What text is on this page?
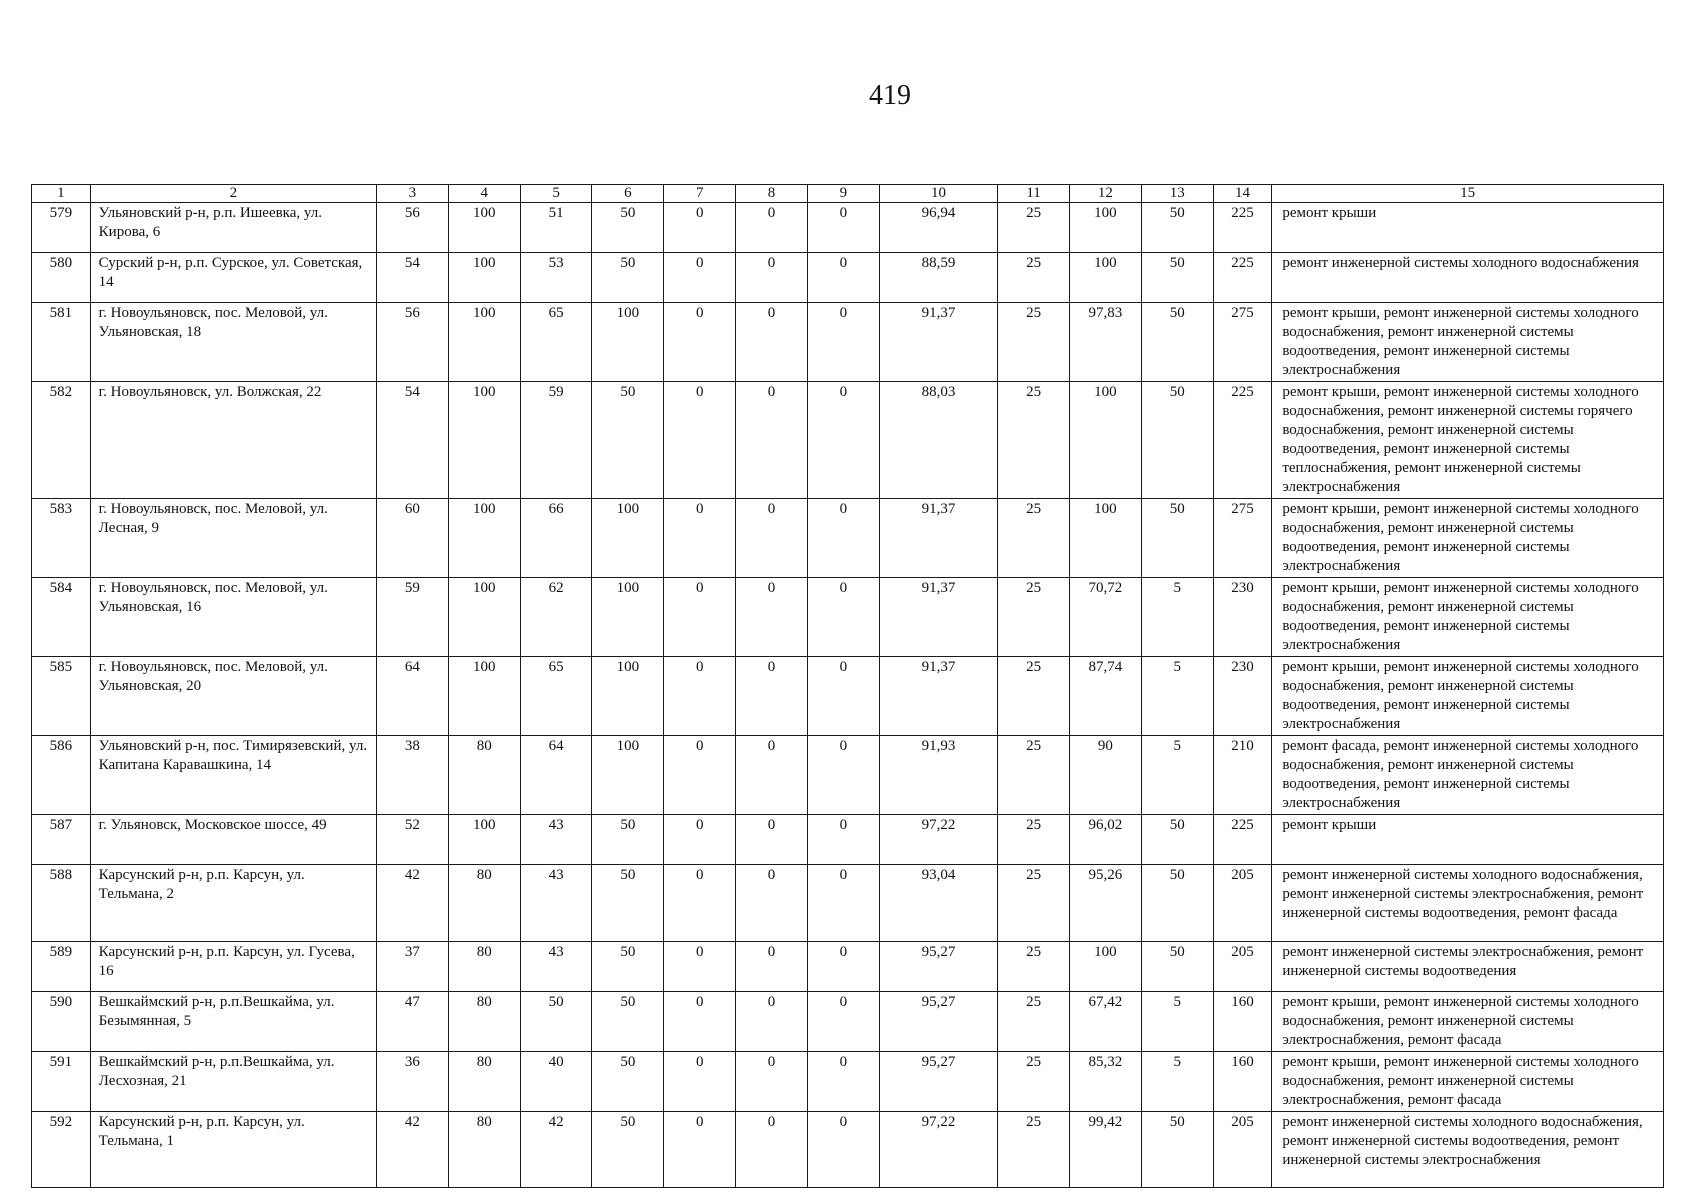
419
1	2	3	4	5	6	7	8	9	10	11	12	13	14	15
579	Ульяновский р-н, р.п. Ишеевка, ул. Кирова, 6	56	100	51	50	0	0	0	96,94	25	100	50	225	ремонт крыши
580	Сурский р-н, р.п. Сурское, ул. Советская, 14	54	100	53	50	0	0	0	88,59	25	100	50	225	ремонт инженерной системы холодного водоснабжения
581	г. Новоульяновск, пос. Меловой, ул. Ульяновская, 18	56	100	65	100	0	0	0	91,37	25	97,83	50	275	ремонт крыши, ремонт инженерной системы холодного водоснабжения, ремонт инженерной системы водоотведения, ремонт инженерной системы электроснабжения
582	г. Новоульяновск, ул. Волжская, 22	54	100	59	50	0	0	0	88,03	25	100	50	225	ремонт крыши, ремонт инженерной системы холодного водоснабжения, ремонт инженерной системы горячего водоснабжения, ремонт инженерной системы водоотведения, ремонт инженерной системы теплоснабжения, ремонт инженерной системы электроснабжения
583	г. Новоульяновск, пос. Меловой, ул. Лесная, 9	60	100	66	100	0	0	0	91,37	25	100	50	275	ремонт крыши, ремонт инженерной системы холодного водоснабжения, ремонт инженерной системы водоотведения, ремонт инженерной системы электроснабжения
584	г. Новоульяновск, пос. Меловой, ул. Ульяновская, 16	59	100	62	100	0	0	0	91,37	25	70,72	5	230	ремонт крыши, ремонт инженерной системы холодного водоснабжения, ремонт инженерной системы водоотведения, ремонт инженерной системы электроснабжения
585	г. Новоульяновск, пос. Меловой, ул. Ульяновская, 20	64	100	65	100	0	0	0	91,37	25	87,74	5	230	ремонт крыши, ремонт инженерной системы холодного водоснабжения, ремонт инженерной системы водоотведения, ремонт инженерной системы электроснабжения
586	Ульяновский р-н, пос. Тимирязевский, ул. Капитана Каравашкина, 14	38	80	64	100	0	0	0	91,93	25	90	5	210	ремонт фасада, ремонт инженерной системы холодного водоснабжения, ремонт инженерной системы водоотведения, ремонт инженерной системы электроснабжения
587	г. Ульяновск, Московское шоссе, 49	52	100	43	50	0	0	0	97,22	25	96,02	50	225	ремонт крыши
588	Карсунский р-н, р.п. Карсун, ул. Тельмана, 2	42	80	43	50	0	0	0	93,04	25	95,26	50	205	ремонт инженерной системы холодного водоснабжения, ремонт инженерной системы электроснабжения, ремонт инженерной системы водоотведения, ремонт фасада
589	Карсунский р-н, р.п. Карсун, ул. Гусева, 16	37	80	43	50	0	0	0	95,27	25	100	50	205	ремонт инженерной системы электроснабжения, ремонт инженерной системы водоотведения
590	Вешкаймский р-н, р.п.Вешкайма, ул. Безымянная, 5	47	80	50	50	0	0	0	95,27	25	67,42	5	160	ремонт крыши, ремонт инженерной системы холодного водоснабжения, ремонт инженерной системы электроснабжения, ремонт фасада
591	Вешкаймский р-н, р.п.Вешкайма, ул. Лесхозная, 21	36	80	40	50	0	0	0	95,27	25	85,32	5	160	ремонт крыши, ремонт инженерной системы холодного водоснабжения, ремонт инженерной системы электроснабжения, ремонт фасада
592	Карсунский р-н, р.п. Карсун, ул. Тельмана, 1	42	80	42	50	0	0	0	97,22	25	99,42	50	205	ремонт инженерной системы холодного водоснабжения, ремонт инженерной системы водоотведения, ремонт инженерной системы электроснабжения
